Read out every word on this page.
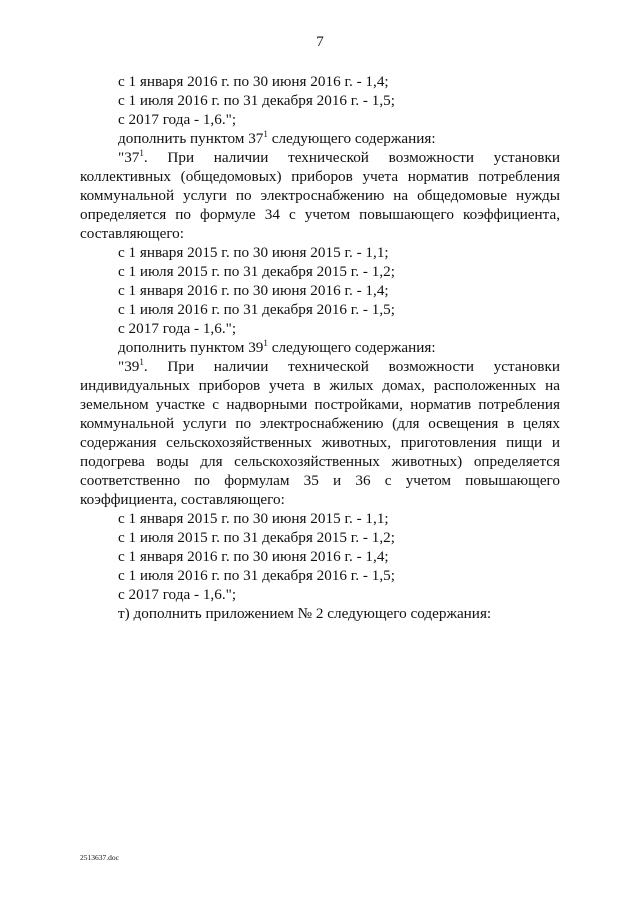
7

с 1 января 2016 г. по 30 июня 2016 г. - 1,4;

с 1 июля 2016 г. по 31 декабря 2016 г. - 1,5;

с 2017 года - 1,6.";

дополнить пунктом $37^1$ следующего содержания:

"$37^1$. При наличии технической возможности установки коллективных (общедомовых) приборов учета норматив потребления коммунальной услуги по электроснабжению на общедомовые нужды определяется по формуле 34 с учетом повышающего коэффициента, составляющего:

с 1 января 2015 г. по 30 июня 2015 г. - 1,1;

с 1 июля 2015 г. по 31 декабря 2015 г. - 1,2;

с 1 января 2016 г. по 30 июня 2016 г. - 1,4;

с 1 июля 2016 г. по 31 декабря 2016 г. - 1,5;

с 2017 года - 1,6.";

дополнить пунктом $39^1$ следующего содержания:

"$39^1$. При наличии технической возможности установки индивидуальных приборов учета в жилых домах, расположенных на земельном участке с надворными постройками, норматив потребления коммунальной услуги по электроснабжению (для освещения в целях содержания сельскохозяйственных животных, приготовления пищи и подогрева воды для сельскохозяйственных животных) определяется соответственно по формулам 35 и 36 с учетом повышающего коэффициента, составляющего:

с 1 января 2015 г. по 30 июня 2015 г. - 1,1;

с 1 июля 2015 г. по 31 декабря 2015 г. - 1,2;

с 1 января 2016 г. по 30 июня 2016 г. - 1,4;

с 1 июля 2016 г. по 31 декабря 2016 г. - 1,5;

с 2017 года - 1,6.";

т) дополнить приложением № 2 следующего содержания:

2513637.doc
